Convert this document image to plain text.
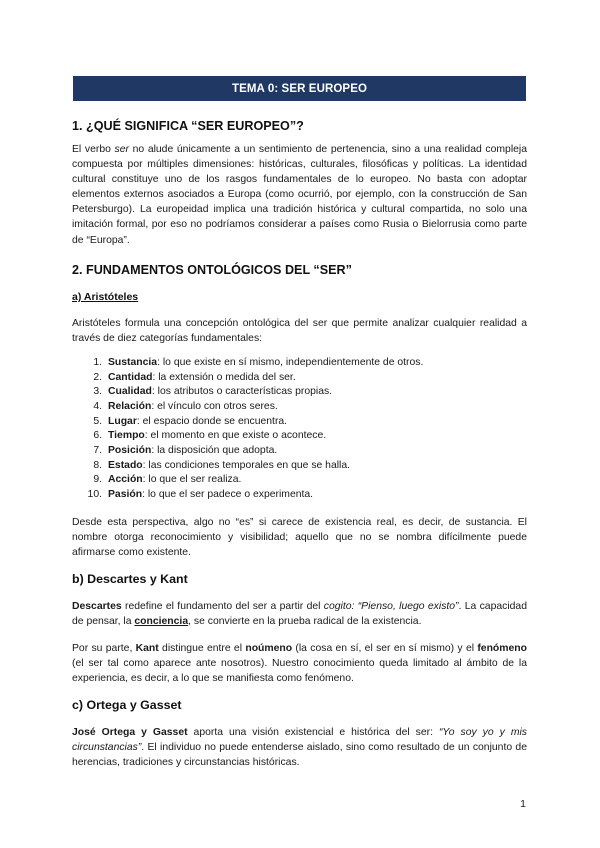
TEMA 0: SER EUROPEO
1. ¿QUÉ SIGNIFICA “SER EUROPEO”?
El verbo ser no alude únicamente a un sentimiento de pertenencia, sino a una realidad compleja compuesta por múltiples dimensiones: históricas, culturales, filosóficas y políticas. La identidad cultural constituye uno de los rasgos fundamentales de lo europeo. No basta con adoptar elementos externos asociados a Europa (como ocurrió, por ejemplo, con la construcción de San Petersburgo). La europeidad implica una tradición histórica y cultural compartida, no solo una imitación formal, por eso no podríamos considerar a países como Rusia o Bielorrusia como parte de “Europa”.
2. FUNDAMENTOS ONTOLÓGICOS DEL “SER”
a) Aristóteles
Aristóteles formula una concepción ontológica del ser que permite analizar cualquier realidad a través de diez categorías fundamentales:
1. Sustancia: lo que existe en sí mismo, independientemente de otros.
2. Cantidad: la extensión o medida del ser.
3. Cualidad: los atributos o características propias.
4. Relación: el vínculo con otros seres.
5. Lugar: el espacio donde se encuentra.
6. Tiempo: el momento en que existe o acontece.
7. Posición: la disposición que adopta.
8. Estado: las condiciones temporales en que se halla.
9. Acción: lo que el ser realiza.
10. Pasión: lo que el ser padece o experimenta.
Desde esta perspectiva, algo no “es” si carece de existencia real, es decir, de sustancia. El nombre otorga reconocimiento y visibilidad; aquello que no se nombra difícilmente puede afirmarse como existente.
b) Descartes y Kant
Descartes redefine el fundamento del ser a partir del cogito: “Pienso, luego existo”. La capacidad de pensar, la conciencia, se convierte en la prueba radical de la existencia.
Por su parte, Kant distingue entre el noúmeno (la cosa en sí, el ser en sí mismo) y el fenómeno (el ser tal como aparece ante nosotros). Nuestro conocimiento queda limitado al ámbito de la experiencia, es decir, a lo que se manifiesta como fenómeno.
c) Ortega y Gasset
José Ortega y Gasset aporta una visión existencial e histórica del ser: “Yo soy yo y mis circunstancias”. El individuo no puede entenderse aislado, sino como resultado de un conjunto de herencias, tradiciones y circunstancias históricas.
1
